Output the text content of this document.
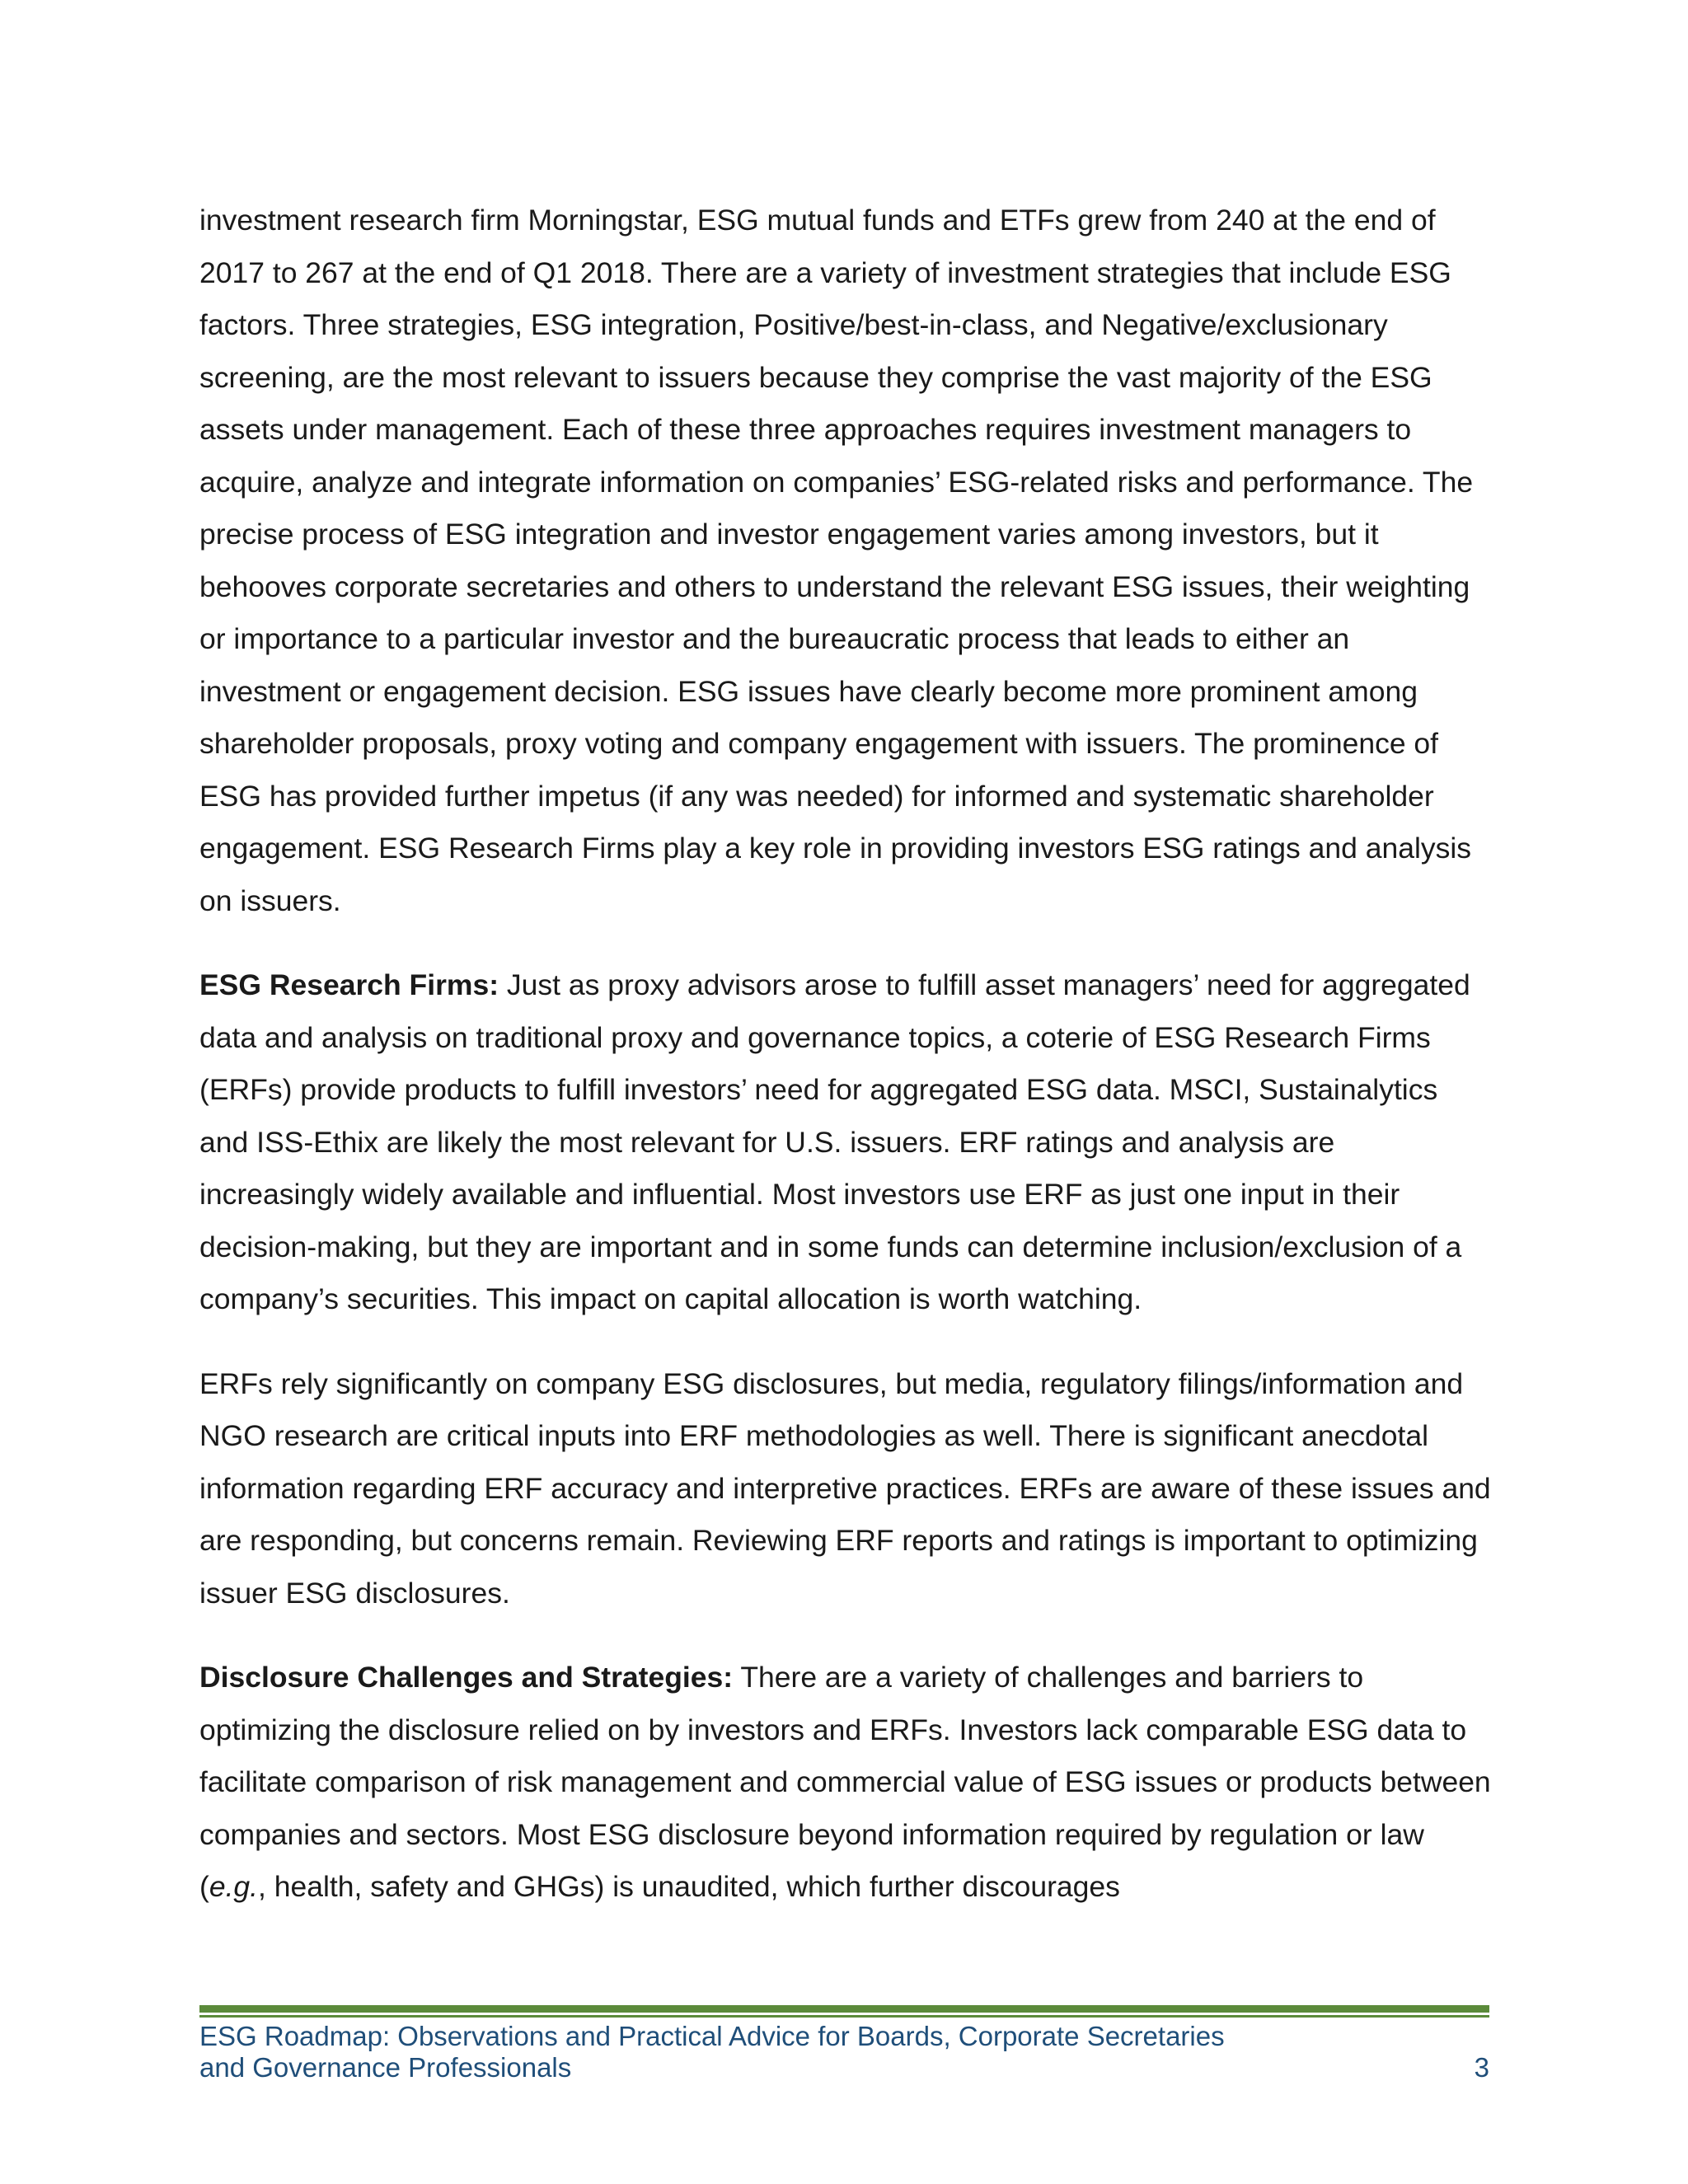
investment research firm Morningstar, ESG mutual funds and ETFs grew from 240 at the end of 2017 to 267 at the end of Q1 2018. There are a variety of investment strategies that include ESG factors. Three strategies, ESG integration, Positive/best-in-class, and Negative/exclusionary screening, are the most relevant to issuers because they comprise the vast majority of the ESG assets under management. Each of these three approaches requires investment managers to acquire, analyze and integrate information on companies’ ESG-related risks and performance. The precise process of ESG integration and investor engagement varies among investors, but it behooves corporate secretaries and others to understand the relevant ESG issues, their weighting or importance to a particular investor and the bureaucratic process that leads to either an investment or engagement decision. ESG issues have clearly become more prominent among shareholder proposals, proxy voting and company engagement with issuers. The prominence of ESG has provided further impetus (if any was needed) for informed and systematic shareholder engagement. ESG Research Firms play a key role in providing investors ESG ratings and analysis on issuers.

ESG Research Firms: Just as proxy advisors arose to fulfill asset managers’ need for aggregated data and analysis on traditional proxy and governance topics, a coterie of ESG Research Firms (ERFs) provide products to fulfill investors’ need for aggregated ESG data. MSCI, Sustainalytics and ISS-Ethix are likely the most relevant for U.S. issuers. ERF ratings and analysis are increasingly widely available and influential. Most investors use ERF as just one input in their decision-making, but they are important and in some funds can determine inclusion/exclusion of a company’s securities. This impact on capital allocation is worth watching.

ERFs rely significantly on company ESG disclosures, but media, regulatory filings/information and NGO research are critical inputs into ERF methodologies as well. There is significant anecdotal information regarding ERF accuracy and interpretive practices. ERFs are aware of these issues and are responding, but concerns remain. Reviewing ERF reports and ratings is important to optimizing issuer ESG disclosures.

Disclosure Challenges and Strategies: There are a variety of challenges and barriers to optimizing the disclosure relied on by investors and ERFs. Investors lack comparable ESG data to facilitate comparison of risk management and commercial value of ESG issues or products between companies and sectors. Most ESG disclosure beyond information required by regulation or law (e.g., health, safety and GHGs) is unaudited, which further discourages

ESG Roadmap: Observations and Practical Advice for Boards, Corporate Secretaries
and Governance Professionals	3
